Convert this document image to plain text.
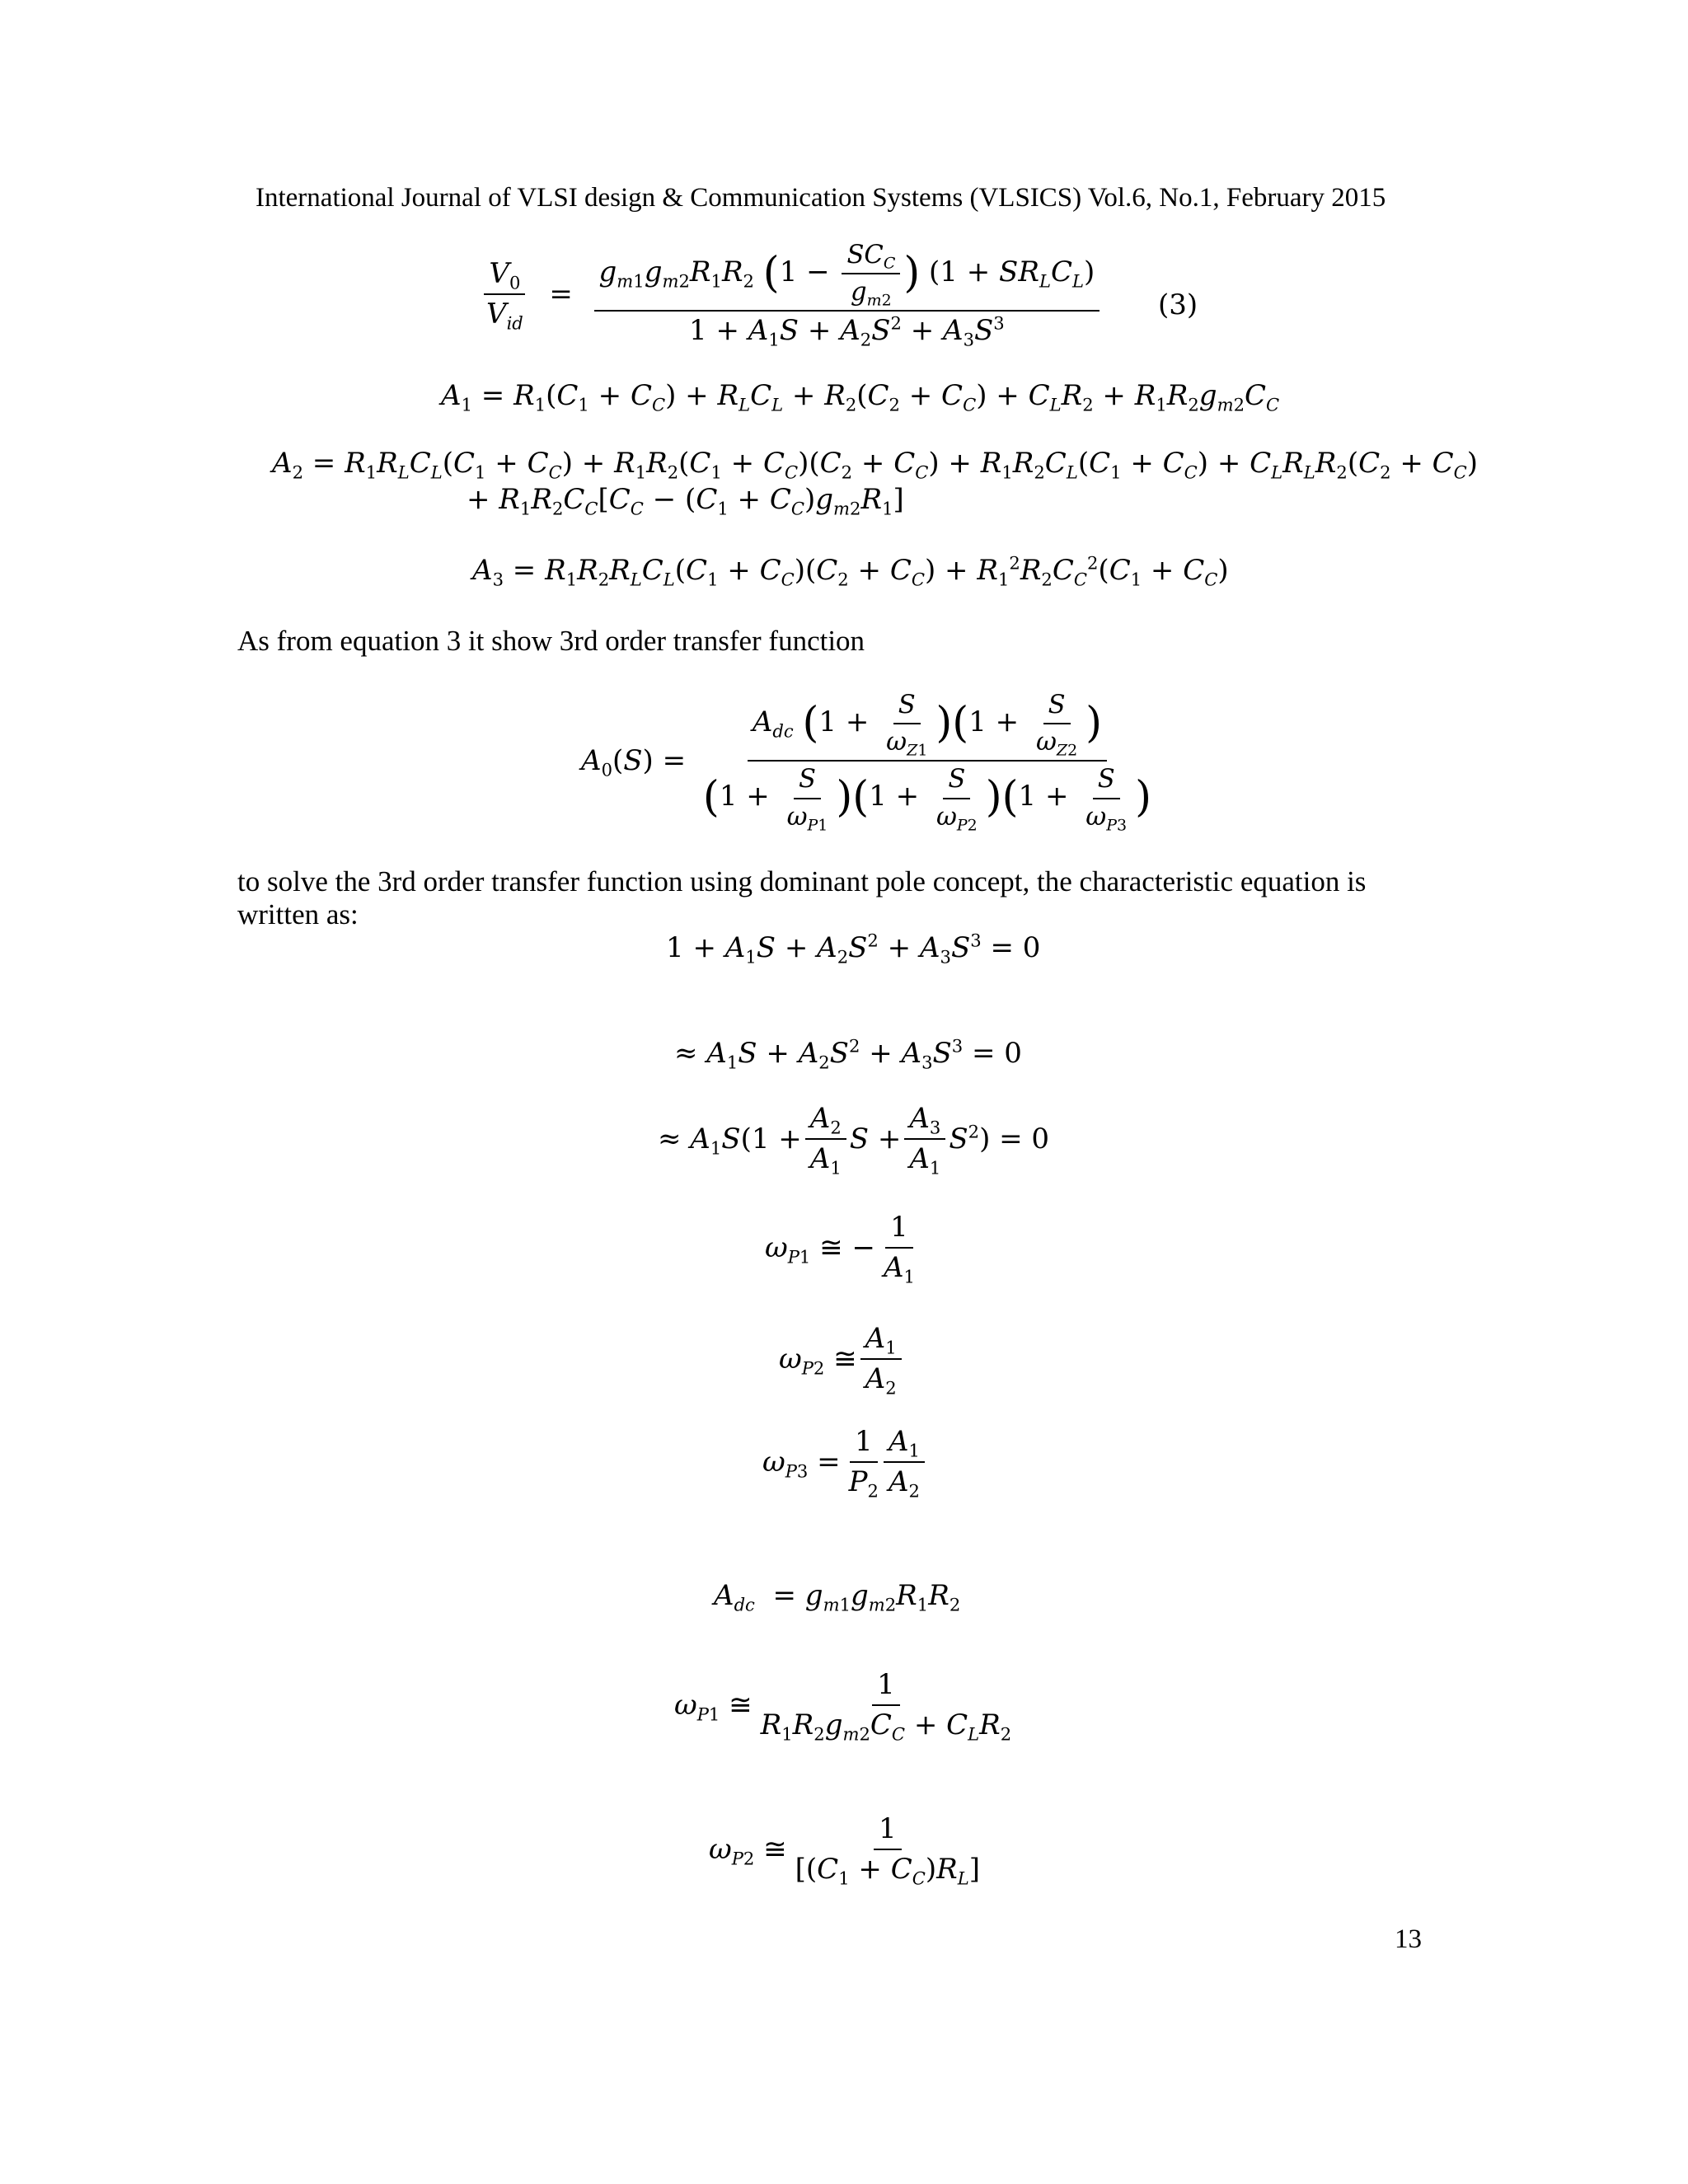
International Journal of VLSI design & Communication Systems (VLSICS) Vol.6, No.1, February 2015
$\frac{V_0}{V_{id}} = \frac{g_{m1}g_{m2}R_1R_2 (1 - \frac{SC_C}{g_{m2}} ) (1 + SR_LC_L)}{1 + A_1S + A_2S^2 + A_3S^3} (3)$
$A_1 = R_1(C_1 + C_C) + R_LC_L + R_2(C_2 + C_C) + C_LR_2 + R_1R_2g_{m2}C_C$
$A_2 = R_1R_LC_L(C_1 + C_C) + R_1R_2(C_1 + C_C)(C_2 + C_C) + R_1R_2C_L(C_1 + C_C) + C_LR_LR_2(C_2 + C_C)$
+ $R_1R_2C_C[C_C - (C_1 + C_C)g_{m2}R_1]$
$A_3 = R_1R_2R_LC_L(C_1 + C_C)(C_2 + C_C) + R_1^2R_2C_C^2(C_1 + C_C)$
As from equation 3 it show 3rd order transfer function
$A_0(S) = \frac{A_{dc} (1 + \frac{S}{\omega_{Z1}} )(1 + \frac{S}{\omega_{Z2}} )}{(1 + \frac{S}{\omega_{P1}} )(1 + \frac{S}{\omega_{P2}} )(1 + \frac{S}{\omega_{P3}} )}$
to solve the 3rd order transfer function using dominant pole concept, the characteristic equation is
written as:
$1 + A_1S + A_2S^2 + A_3S^3 = 0$
≈ $A_1S + A_2S^2 + A_3S^3 = 0$
≈ $A_1S(1 + \frac{A_2}{A_1}$ $S + \frac{A_3}{A_1} S^2) = 0$
$\omega_{P1}$ ≅ − $\frac{1}{A_1}$
$\omega_{P2}$ ≅ $\frac{A_1}{A_2}$
$\omega_{P3} = \frac{1}{P_2} \frac{A_1}{A_2}$
$A_{dc} = g_{m1}g_{m2}R_1R_2$
$\omega_{P1}$ ≅ $\frac{1}{R_1R_2g_{m2}C_C + C_LR_2}$
$\omega_{P2}$ ≅ $\frac{1}{[(C_1 + C_C)R_L]}$
13
